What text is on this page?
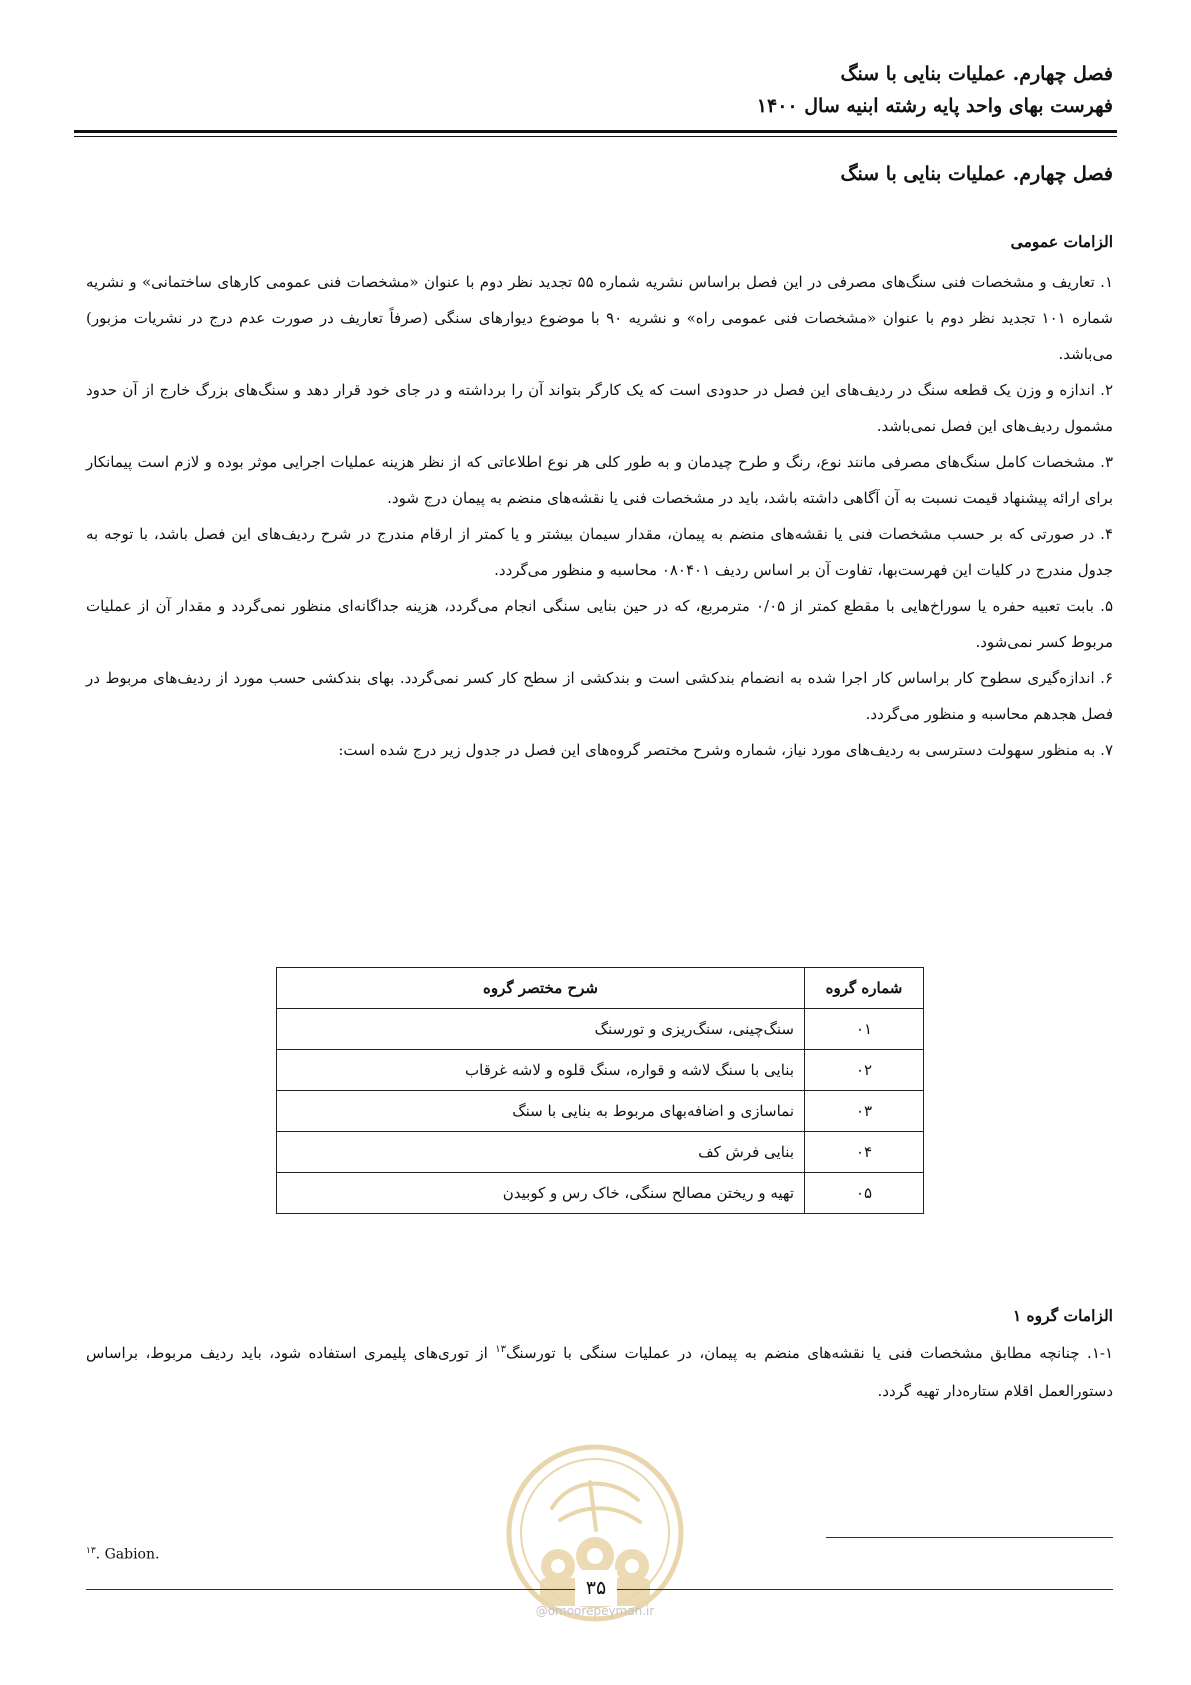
فصل چهارم. عملیات بنایی با سنگ
فهرست بهای واحد پایه رشته ابنیه سال ۱۴۰۰
فصل چهارم. عملیات بنایی با سنگ
الزامات عمومی

۱. تعاریف و مشخصات فنی سنگ‌های مصرفی در این فصل براساس نشریه شماره ۵۵ تجدید نظر دوم با عنوان «مشخصات فنی عمومی کارهای ساختمانی» و نشریه شماره ۱۰۱ تجدید نظر دوم با عنوان «مشخصات فنی عمومی راه» و نشریه ۹۰ با موضوع دیوارهای سنگی (صرفاً تعاریف در صورت عدم درج در نشریات مزبور) می‌باشد.

۲. اندازه و وزن یک قطعه سنگ در ردیف‌های این فصل در حدودی است که یک کارگر بتواند آن را برداشته و در جای خود قرار دهد و سنگ‌های بزرگ خارج از آن حدود مشمول ردیف‌های این فصل نمی‌باشد.

۳. مشخصات کامل سنگ‌های مصرفی مانند نوع، رنگ و طرح چیدمان و به طور کلی هر نوع اطلاعاتی که از نظر هزینه عملیات اجرایی موثر بوده و لازم است پیمانکار برای ارائه پیشنهاد قیمت نسبت به آن آگاهی داشته باشد، باید در مشخصات فنی یا نقشه‌های منضم به پیمان درج شود.

۴. در صورتی که بر حسب مشخصات فنی یا نقشه‌های منضم به پیمان، مقدار سیمان بیشتر و یا کمتر از ارقام مندرج در شرح ردیف‌های این فصل باشد، با توجه به جدول مندرج در کلیات این فهرست‌بها، تفاوت آن بر اساس ردیف ۰۸۰۴۰۱ محاسبه و منظور می‌گردد.

۵. بابت تعبیه حفره یا سوراخ‌هایی با مقطع کمتر از ۰/۰۵ مترمربع، که در حین بنایی سنگی انجام می‌گردد، هزینه جداگانه‌ای منظور نمی‌گردد و مقدار آن از عملیات مربوط کسر نمی‌شود.

۶. اندازه‌گیری سطوح کار براساس کار اجرا شده به انضمام بندکشی است و بندکشی از سطح کار کسر نمی‌گردد. بهای بندکشی حسب مورد از ردیف‌های مربوط در فصل هجدهم محاسبه و منظور می‌گردد.

۷. به منظور سهولت دسترسی به ردیف‌های مورد نیاز، شماره وشرح مختصر گروه‌های این فصل در جدول زیر درج شده است:

شماره گروه	شرح مختصر گروه
۰۱	سنگ‌چینی، سنگ‌ریزی و تورسنگ
۰۲	بنایی با سنگ لاشه و قواره، سنگ قلوه و لاشه غرقاب
۰۳	نماسازی و اضافه‌بهای مربوط به بنایی با سنگ
۰۴	بنایی فرش کف
۰۵	تهیه و ریختن مصالح سنگی، خاک رس و کوبیدن
الزامات گروه ۱

۱-۱. چنانچه مطابق مشخصات فنی یا نقشه‌های منضم به پیمان، در عملیات سنگی با تورسنگ$^{۱۳}$ از توری‌های پلیمری استفاده شود، باید ردیف مربوط، براساس دستورالعمل اقلام ستاره‌دار تهیه گردد.

$^{۱۳}$. Gabion.
۳۵
@omoorepeyman.ir
